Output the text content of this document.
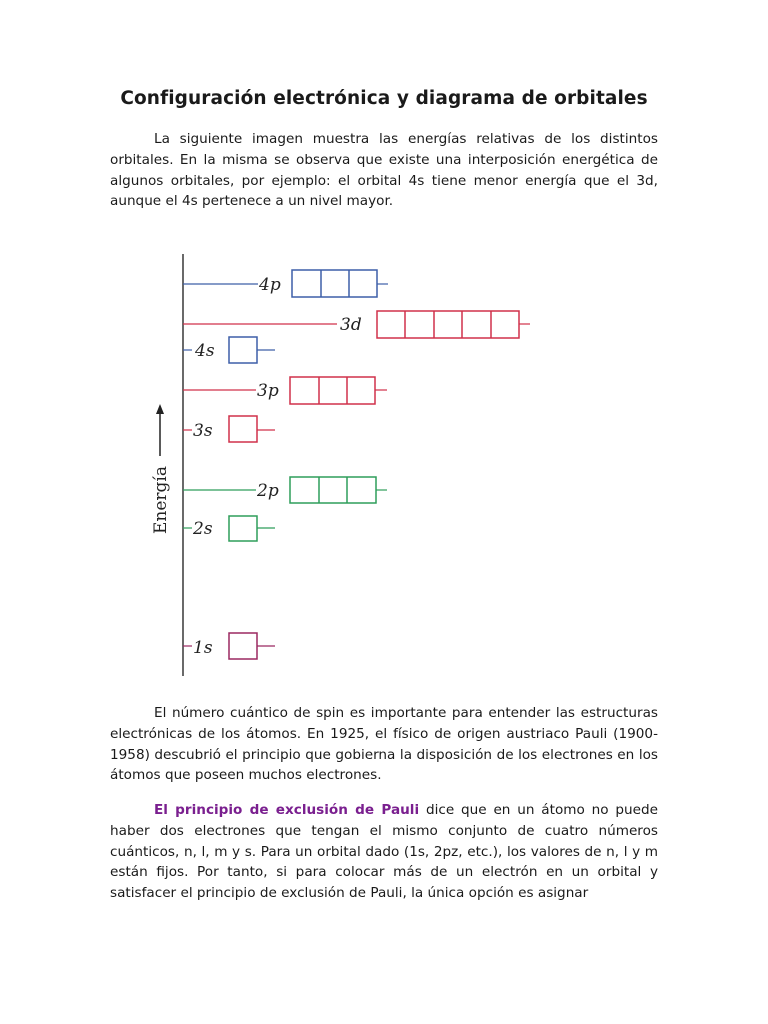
Configuración electrónica y diagrama de orbitales
La siguiente imagen muestra las energías relativas de los distintos orbitales. En la misma se observa que existe una interposición energética de algunos orbitales, por ejemplo: el orbital 4s tiene menor energía que el 3d, aunque el 4s pertenece a un nivel mayor.
Energía
4p
3d
4s
3p
3s
2p
2s
1s
El número cuántico de spin es importante para entender las estructuras electrónicas de los átomos. En 1925, el físico de origen austriaco Pauli (1900-1958) descubrió el principio que gobierna la disposición de los electrones en los átomos que poseen muchos electrones.
El principio de exclusión de Pauli dice que en un átomo no puede haber dos electrones que tengan el mismo conjunto de cuatro números cuánticos, n, l, m y s. Para un orbital dado (1s, 2pz, etc.), los valores de n, l y m están fijos. Por tanto, si para colocar más de un electrón en un orbital y satisfacer el principio de exclusión de Pauli, la única opción es asignar
